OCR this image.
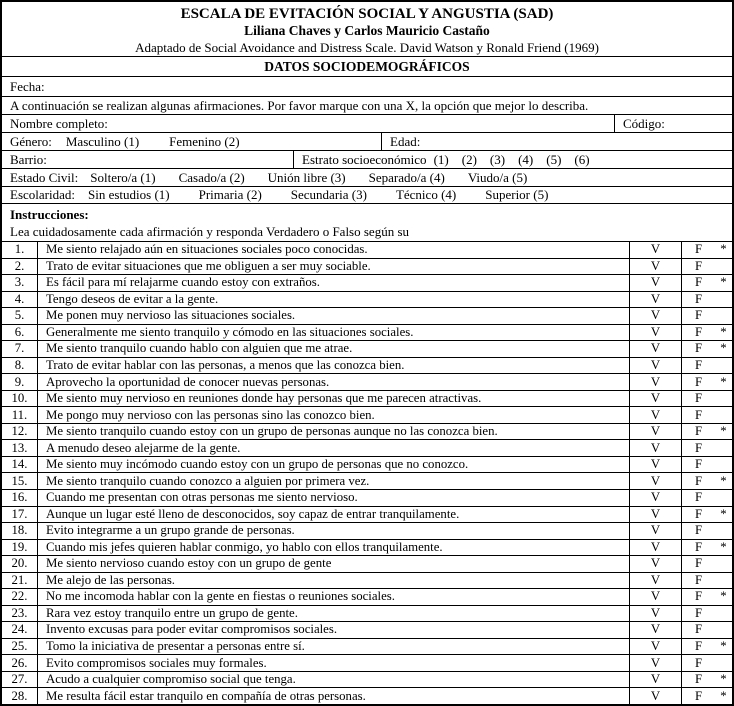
ESCALA DE EVITACIÓN SOCIAL Y ANGUSTIA (SAD)
Liliana Chaves y Carlos Mauricio Castaño
Adaptado de Social Avoidance and Distress Scale. David Watson y Ronald Friend (1969)
DATOS SOCIODEMOGRÁFICOS
Fecha:
A continuación se realizan algunas afirmaciones. Por favor marque con una X, la opción que mejor lo describa.
Nombre completo:	Código:
Género:	Masculino (1) Femenino (2)	Edad:
Barrio:	Estrato socioeconómico (1) (2) (3) (4) (5) (6)
Estado Civil: Soltero/a (1) Casado/a (2) Unión libre (3) Separado/a (4) Viudo/a (5)
Escolaridad:	Sin estudios (1) Primaria (2) Secundaria (3) Técnico (4) Superior (5)
Instrucciones:
Lea cuidadosamente cada afirmación y responda Verdadero o Falso según su
1.	Me siento relajado aún en situaciones sociales poco conocidas.	V	F	*
2.	Trato de evitar situaciones que me obliguen a ser muy sociable.	V	F
3.	Es fácil para mí relajarme cuando estoy con extraños.	V	F	*
4.	Tengo deseos de evitar a la gente.	V	F
5.	Me ponen muy nervioso las situaciones sociales.	V	F
6.	Generalmente me siento tranquilo y cómodo en las situaciones sociales.	V	F	*
7.	Me siento tranquilo cuando hablo con alguien que me atrae.	V	F	*
8.	Trato de evitar hablar con las personas, a menos que las conozca bien.	V	F
9.	Aprovecho la oportunidad de conocer nuevas personas.	V	F	*
10.	Me siento muy nervioso en reuniones donde hay personas que me parecen atractivas.	V	F
11.	Me pongo muy nervioso con las personas sino las conozco bien.	V	F
12.	Me siento tranquilo cuando estoy con un grupo de personas aunque no las conozca bien.	V	F	*
13.	A menudo deseo alejarme de la gente.	V	F
14.	Me siento muy incómodo cuando estoy con un grupo de personas que no conozco.	V	F
15.	Me siento tranquilo cuando conozco a alguien por primera vez.	V	F	*
16.	Cuando me presentan con otras personas me siento nervioso.	V	F
17.	Aunque un lugar esté lleno de desconocidos, soy capaz de entrar tranquilamente.	V	F	*
18.	Evito integrarme a un grupo grande de personas.	V	F
19.	Cuando mis jefes quieren hablar conmigo, yo hablo con ellos tranquilamente.	V	F	*
20.	Me siento nervioso cuando estoy con un grupo de gente	V	F
21.	Me alejo de las personas.	V	F
22.	No me incomoda hablar con la gente en fiestas o reuniones sociales.	V	F	*
23.	Rara vez estoy tranquilo entre un grupo de gente.	V	F
24.	Invento excusas para poder evitar compromisos sociales.	V	F
25.	Tomo la iniciativa de presentar a personas entre sí.	V	F	*
26.	Evito compromisos sociales muy formales.	V	F
27.	Acudo a cualquier compromiso social que tenga.	V	F	*
28.	Me resulta fácil estar tranquilo en compañía de otras personas.	V	F	*
